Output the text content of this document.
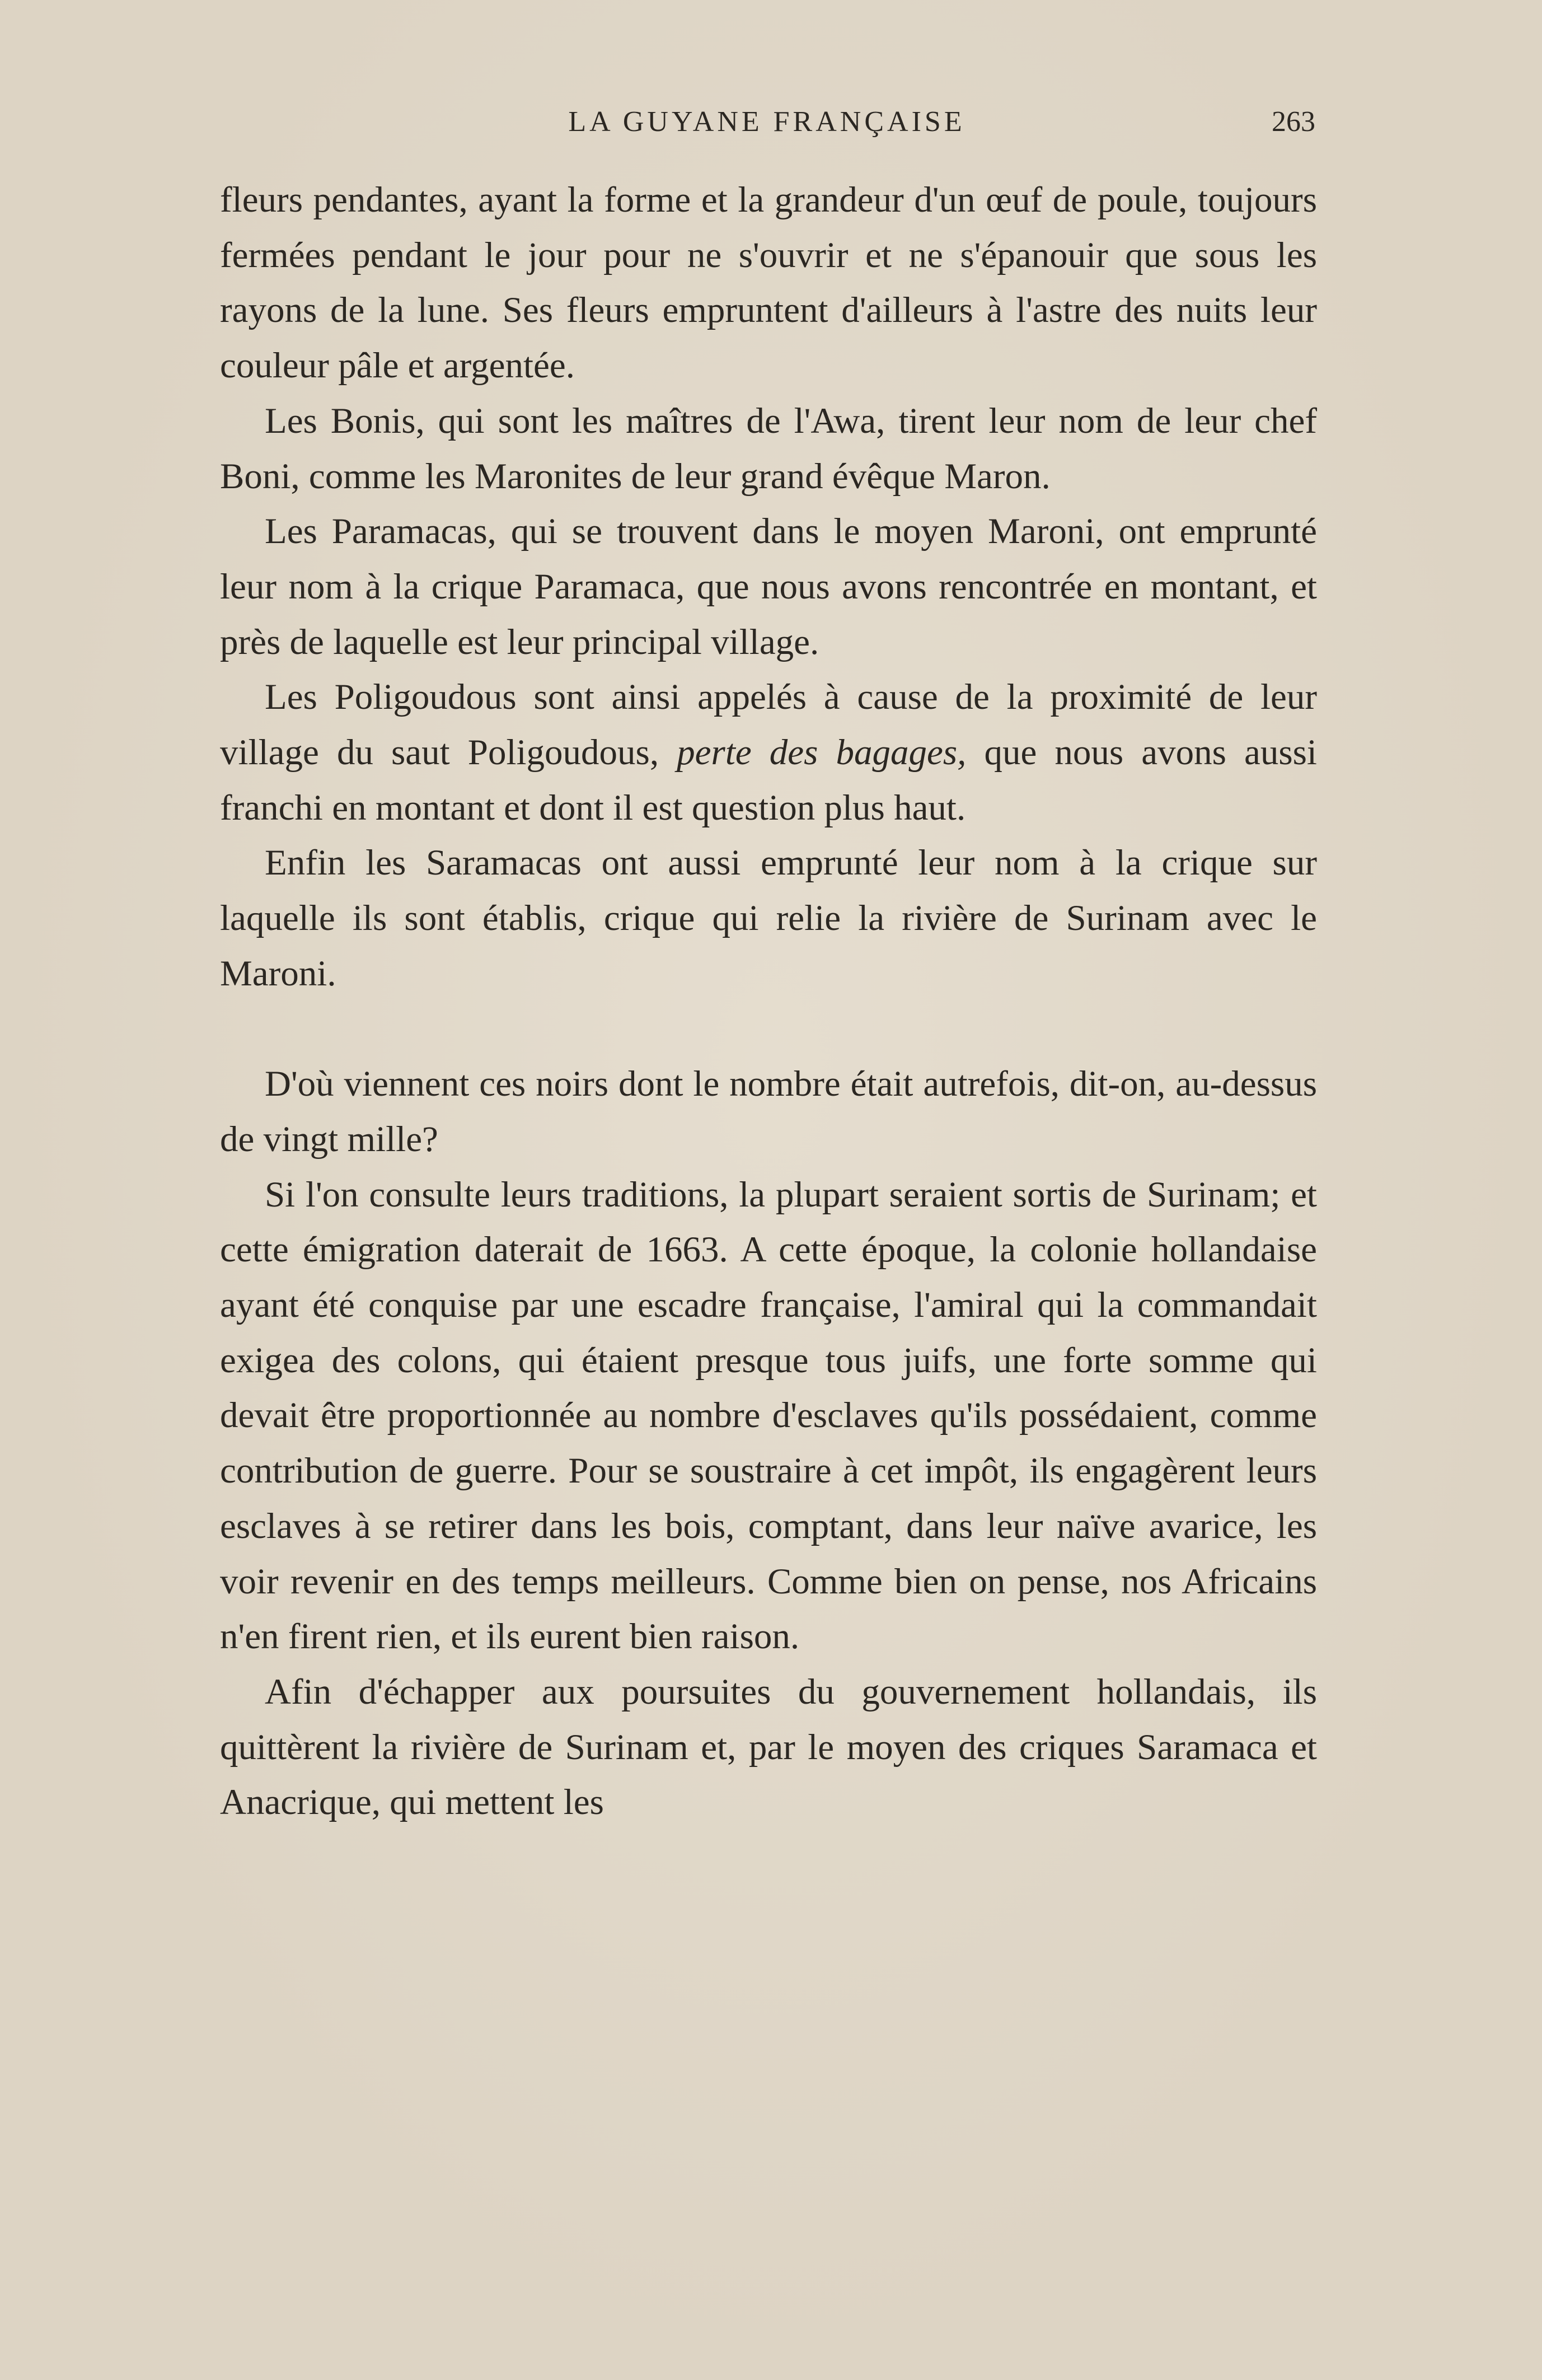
LA GUYANE FRANÇAISE	263

fleurs pendantes, ayant la forme et la grandeur d'un œuf de poule, toujours fermées pendant le jour pour ne s'ouvrir et ne s'épanouir que sous les rayons de la lune. Ses fleurs empruntent d'ailleurs à l'astre des nuits leur couleur pâle et argentée.

Les Bonis, qui sont les maîtres de l'Awa, tirent leur nom de leur chef Boni, comme les Maronites de leur grand évêque Maron.

Les Paramacas, qui se trouvent dans le moyen Maroni, ont emprunté leur nom à la crique Paramaca, que nous avons rencontrée en montant, et près de laquelle est leur principal village.

Les Poligoudous sont ainsi appelés à cause de la proximité de leur village du saut Poligoudous, perte des bagages, que nous avons aussi franchi en montant et dont il est question plus haut.

Enfin les Saramacas ont aussi emprunté leur nom à la crique sur laquelle ils sont établis, crique qui relie la rivière de Surinam avec le Maroni.

D'où viennent ces noirs dont le nombre était autrefois, dit-on, au-dessus de vingt mille?

Si l'on consulte leurs traditions, la plupart seraient sortis de Surinam; et cette émigration daterait de 1663. A cette époque, la colonie hollandaise ayant été conquise par une escadre française, l'amiral qui la commandait exigea des colons, qui étaient presque tous juifs, une forte somme qui devait être proportionnée au nombre d'esclaves qu'ils possédaient, comme contribution de guerre. Pour se soustraire à cet impôt, ils engagèrent leurs esclaves à se retirer dans les bois, comptant, dans leur naïve avarice, les voir revenir en des temps meilleurs. Comme bien on pense, nos Africains n'en firent rien, et ils eurent bien raison.

Afin d'échapper aux poursuites du gouvernement hollandais, ils quittèrent la rivière de Surinam et, par le moyen des criques Saramaca et Anacrique, qui mettent les
